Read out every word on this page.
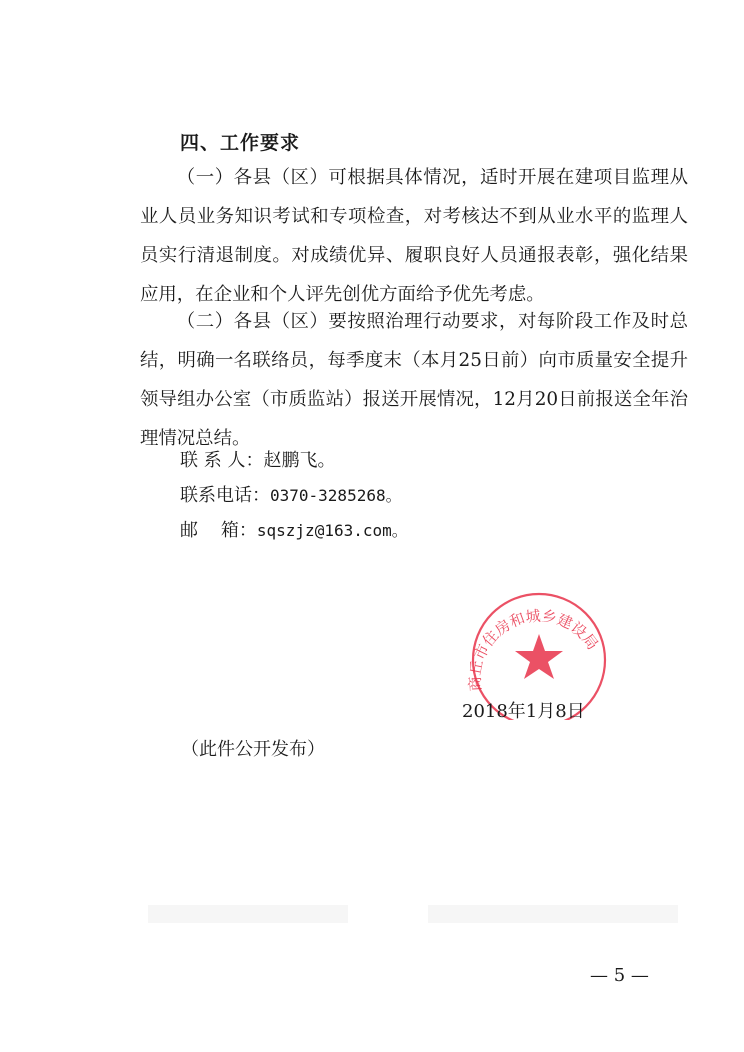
四、工作要求

（一）各县（区）可根据具体情况，适时开展在建项目监理从业人员业务知识考试和专项检查，对考核达不到从业水平的监理人员实行清退制度。对成绩优异、履职良好人员通报表彰，强化结果应用，在企业和个人评先创优方面给予优先考虑。

（二）各县（区）要按照治理行动要求，对每阶段工作及时总结，明确一名联络员，每季度末（本月25日前）向市质量安全提升领导组办公室（市质监站）报送开展情况，12月20日前报送全年治理情况总结。

联 系 人：赵鹏飞。
联系电话：0370-3285268。
邮    箱：sqszjz@163.com。
商丘市住房和城乡建设局
2018年1月8日
（此件公开发布）
— 5 —
